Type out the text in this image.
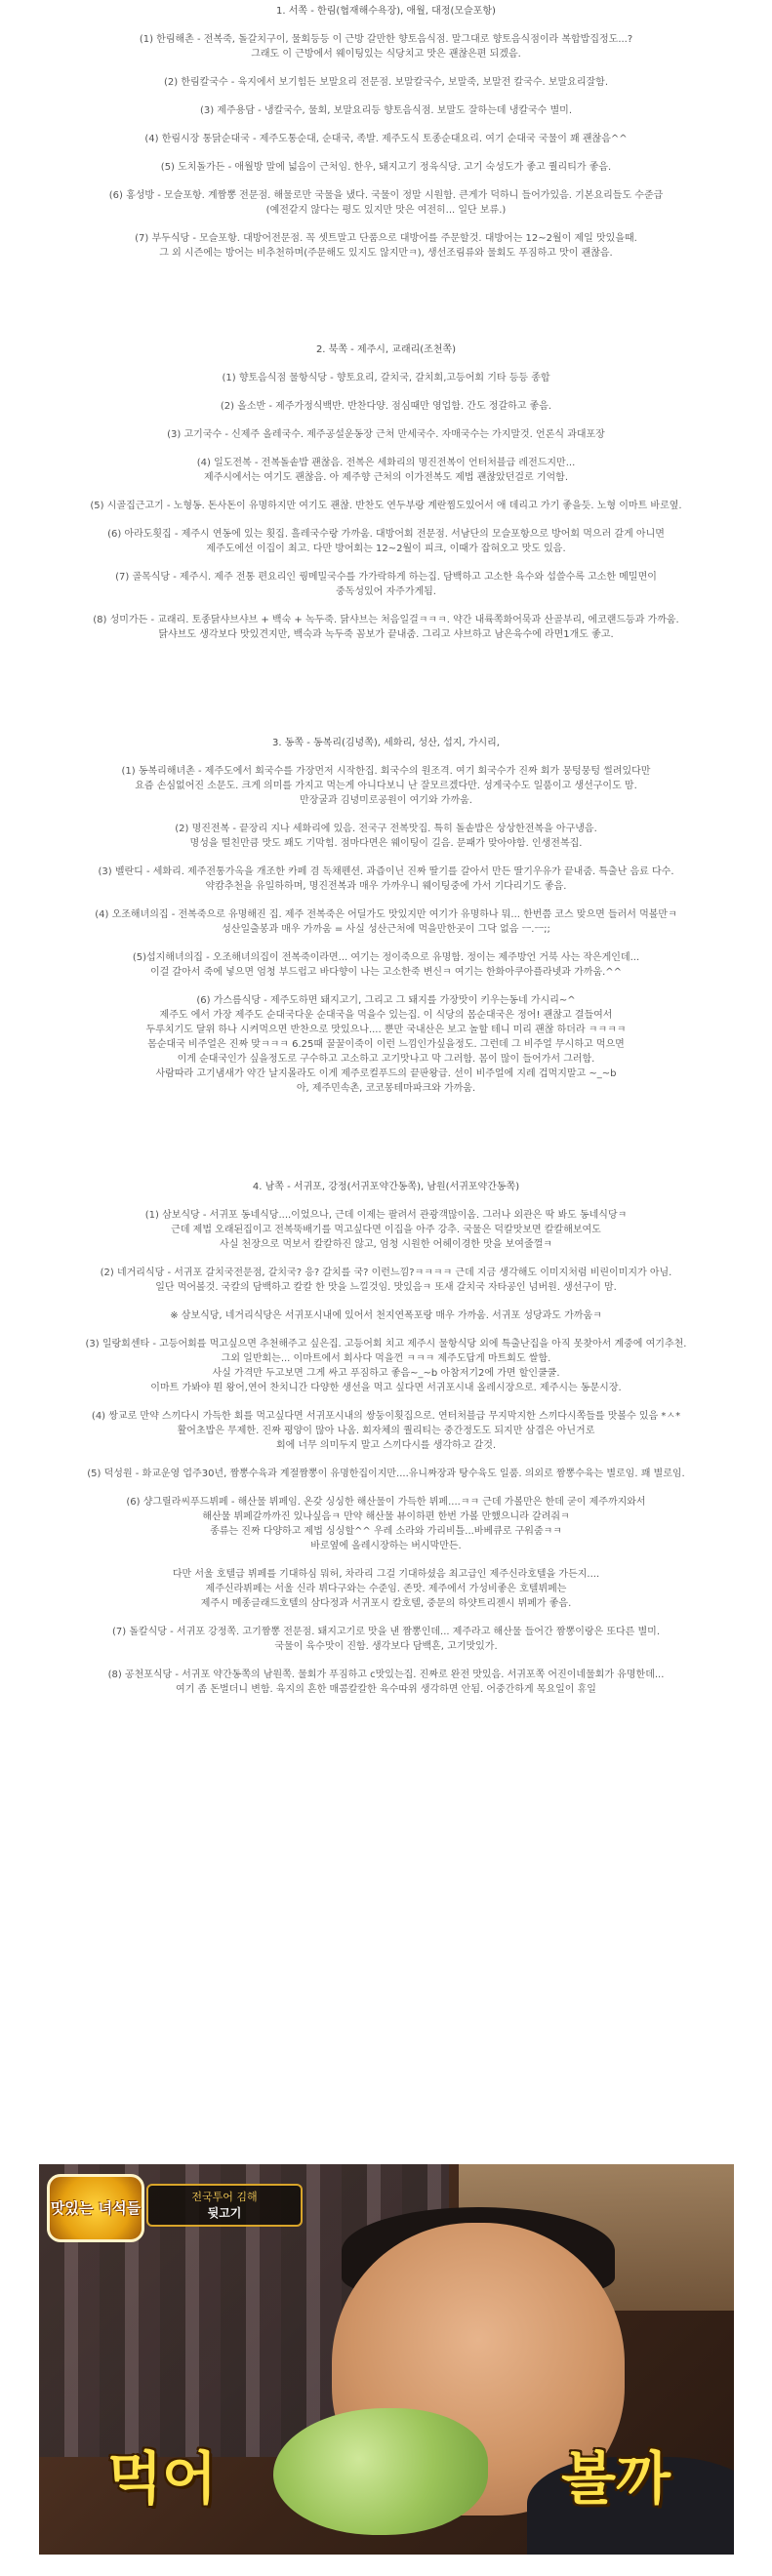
1. 서쪽 - 한림(협재해수욕장), 애월, 대정(모슬포항)

(1) 한림해촌 - 전복죽, 돌갈치구이, 물회등등 이 근방 갈만한 향토음식점. 말그대로 향토음식점이라 복합밥집정도...?
그래도 이 근방에서 웨이팅있는 식당치고 맛은 괜찮은편 되겠음.

(2) 한림칼국수 - 육지에서 보기힘든 보말요리 전문점. 보말칼국수, 보말죽, 보말전 칼국수. 보말요리잘함.

(3) 제주용담 - 냉칼국수, 물회, 보말요리등 향토음식점. 보말도 잘하는데 냉칼국수 별미.

(4) 한림시장 통닭순대국 - 제주도통순대, 순대국, 족발. 제주도식 토종순대요리. 여기 순대국 국물이 꽤 괜찮음^^

(5) 도치돌가든 - 애월방 말에 넓음이 근처임. 한우, 돼지고기 정육식당. 고기 숙성도가 좋고 퀄리티가 좋음.

(6) 홍성방 - 모슬포항. 계짬뽕 전문점. 해물로만 국물을 냈다. 국물이 정말 시원함. 큰게가 덕하니 들어가있음. 기본요리들도 수준급
(예전같지 않다는 평도 있지만 맛은 여전히... 일단 보류.)

(7) 부두식당 - 모슬포항. 대방어전문점. 꼭 셋트말고 단품으로 대방어를 주문할것. 대방어는 12~2월이 제일 맛있을때.
그 외 시즌에는 방어는 비추천하며(주문해도 있지도 않지만ㅋ), 생선조림류와 물회도 푸짐하고 맛이 괜찮음.

2. 북쪽 - 제주시, 교래리(조천쪽)

(1) 향토음식점 물항식당 - 향토요리, 갈치국, 갈치회,고등어회 기타 등등 종합

(2) 올소반 - 제주가정식백반. 반찬다양. 점심때만 영업함. 간도 정갈하고 좋음.

(3) 고기국수 - 신제주 올레국수. 제주공설운동장 근처 만세국수. 자매국수는 가지말것. 언론식 과대포장

(4) 일도전복 - 전복돌솥밥 괜찮음. 전복은 세화리의 명진전복이 언터처블급 레전드지만...
제주시에서는 여기도 괜찮음. 아 제주향 근처의 이가전복도 제법 괜찮았던걸로 기억함.

(5) 시골집근고기 - 노형동. 돈사돈이 유명하지만 여기도 괜찮. 반찬도 연두부랑 계란찜도있어서 애 데리고 가기 좋을듯. 노형 이마트 바로옆.

(6) 아라도횟집 - 제주시 연동에 있는 횟집. 흘레국수랑 가까움. 대방어회 전문점. 서남단의 모슬포항으로 방어회 먹으러 갈게 아니면
제주도에선 이집이 최고. 다만 방어회는 12~2월이 피크, 이때가 잡혀오고 맛도 있음.

(7) 골목식당 - 제주시. 제주 전통 편요리인 꿩메밀국수를 가가락하게 하는집. 담백하고 고소한 육수와 섭쓸수록 고소한 메밀면이
중독성있어 자주가게됨.

(8) 성미가든 - 교래리. 토종닭샤브샤브 + 백숙 + 녹두죽. 닭샤브는 처음일걸ㅋㅋㅋ. 약간 내륙쪽화어묵과 산골부리, 에코랜드등과 가까움.
닭샤브도 생각보다 맛있견지만, 백숙과 녹두죽 꼼보가 끝내줌. 그리고 샤브하고 남은육수에 라면1개도 좋고.

3. 동쪽 - 동복리(김녕쪽), 세화리, 성산, 섭지, 가시리,

(1) 동복리해녀촌 - 제주도에서 회국수를 가장먼저 시작한집. 회국수의 원조격. 여기 회국수가 진짜 회가 뭉텅뭉텅 썰려있다만
요즘 손심없어진 소문도. 크게 의미를 가지고 먹는게 아니다보니 난 잘모르겠다만. 성게국수도 일품이고 생선구이도 맘.
만장굴과 김녕미로공원이 여기와 가까움.

(2) 명진전복 - 끝장리 지나 세화리에 있음. 전국구 전복맛집. 특히 돌솥밥은 상상한전복을 아구냉음.
명성을 떨친만큼 맛도 꽤도 기막힘. 점마다면은 웨이팅이 길음. 문패가 맞아야함. 인생전복집.

(3) 벨란디 - 세화리. 제주전통가옥을 개조한 카페 겸 독채펜션. 과즙이닌 진짜 딸기를 갈아서 만든 딸기우유가 끝내줌. 특출난 음료 다수.
약캄추천을 유일하하며, 명진전복과 매우 가까우니 웨이팅중에 가서 기다리기도 좋음.

(4) 오조해녀의집 - 전복죽으로 유명해진 집. 제주 전복죽은 어딜가도 맛있지만 여기가 유명하나 뭐... 한번쯤 코스 맞으면 들러서 먹볼만ㅋ
성산일출봉과 매우 가까움 = 사실 성산근처에 먹을만한곳이 그닥 없음 ㅡ.ㅡ;;

(5)섭지해녀의집 - 오조해녀의집이 전복죽이라면... 여기는 정이죽으로 유명함. 정이는 제주방언 거북 사는 작은게인데...
이걸 갈아서 죽에 넣으면 엄청 부드럽고 바다향이 나는 고소한죽 변신ㅋ 여기는 한화아쿠아플라넷과 가까움.^^

(6) 가스름식당 - 제주도하면 돼지고기, 그리고 그 돼지를 가장맛이 키우는동네 가시리~^
제주도 에서 가장 제주도 순대국다운 순대국을 먹을수 있는집. 이 식당의 몸순대국은 정어! 괜찮고 결들여서
두루치기도 달위 하나 시켜먹으면 반찬으로 맛있으나.... 뿐만 국내산은 보고 놀할 테니 미리 괜찮 하더라 ㅋㅋㅋㅋ
몸순대국 비주얼은 진짜 맞ㅋㅋㅋ 6.25때 꿀꿀이죽이 이런 느낌인가싶을정도. 그런데 그 비주얼 무시하고 먹으면
이게 순대국인가 싶을정도로 구수하고 고소하고 고기맛나고 막 그러함. 몸이 많이 들어가서 그러함.
사람따라 고기냄새가 약간 날지몰라도 이게 제주로컬푸드의 끝판왕급. 선이 비주얼에 지레 겁먹지말고 ~_~b
아, 제주민속촌, 코코몽테마파크와 가까움.

4. 남쪽 - 서귀포, 강정(서귀포약간동쪽), 남원(서귀포약간동쪽)

(1) 삼보식당 - 서귀포 동네식당....이었으나, 근데 이제는 팔려서 관광객많이옴. 그러나 외관은 딱 봐도 동네식당ㅋ
근데 제법 오래된집이고 전복뚝배기를 먹고싶다면 이집을 아주 강추. 국물은 덕칼맛보면 칼칼해보여도
사실 천장으로 먹보서 칼칼하진 않고, 엄청 시원한 어헤이경한 맛을 보여줄껄ㅋ

(2) 네거리식당 - 서귀포 갈치국전문점, 갈치국? 응? 갈치를 국? 이런느낌?ㅋㅋㅋㅋ 근데 지금 생각해도 이미지처럼 비린이미지가 아님.
일단 먹어볼것. 국칼의 담백하고 칼칼 한 맛을 느낄것임. 맛있음ㅋ 또새 갈치국 자타공인 넘버원. 생선구이 맘.

※ 삼보식당, 네거리식당은 서귀포시내에 있어서 천지연폭포랑 매우 가까움. 서귀포 성당과도 가까움ㅋ

(3) 일랑회센타 - 고등어회를 먹고싶으면 추천해주고 싶은집. 고등어회 치고 제주시 물항식당 외에 특출난집을 아직 못찾아서 계중에 여기추천.
그외 일반회는... 이마트에서 회사다 먹을껀 ㅋㅋㅋ 제주도답게 마트회도 쌀함.
사실 가격만 두고보면 그게 싸고 푸짐하고 좋음~_~b 아참저기2에 가면 할인쿨쿨.
이마트 가봐야 뭔 왕어,연어 찬치니간 다양한 생선을 먹고 싶다면 서귀포시내 올레시장으로. 제주시는 동문시장.

(4) 쌍교로 만약 스끼다시 가득한 회를 먹고싶다면 서귀포시내의 쌍둥이횟집으로. 연터처블급 무지막지한 스끼다시쪽들를 맛볼수 있음 *ㅅ*
활어초밥은 무제한. 진짜 평양이 많아 나옴. 회자체의 퀄리티는 중간정도도 되지만 삼겹은 아닌거로
회에 너무 의미두지 말고 스끼다시를 생각하고 갈것.

(5) 덕성원 - 화교운영 업주30년, 짬뽕수육과 계절짬뽕이 유명한집이지만....유니짜장과 탕수육도 일품. 의외로 짬뽕수육는 별로임. 꽤 별로임.

(6) 샹그릴라씨푸드뷔페 - 해산물 뷔페임. 온갖 싱싱한 해산물이 가득한 뷔페....ㅋㅋ 근데 가볼만은 한데 굳이 제주까지와서
해산물 뷔페갈까까진 있나싶음ㅋ 만약 해산물 뷰이하편 한번 가볼 만했으니라 갈려줘ㅋ
종류는 진짜 다양하고 제법 싱싱할^^ 우레 소라와 가리비틀...바베큐로 구워줌ㅋㅋ
바로옆에 올레시장하는 버시막만든.

다만 서울 호텔급 뷔페를 기대하심 뭐허, 차라리 그걸 기대하셨음 최고급인 제주신라호텔을 가든지....
제주신라뷔페는 서울 신라 뷔다구와는 수준임. 존맛. 제주에서 가성비좋은 호텔뷔페는
제주시 메종글래드호텔의 삼다정과 서귀포시 칼호텔, 중문의 하얏트리젠시 뷔페가 좋음.

(7) 돌칼식당 - 서귀포 강정쪽. 고기짬뽕 전문점. 돼지고기로 맛을 낸 짬뽕인데... 제주라고 해산물 들어간 짬뽕이랑은 또다른 별미.
국물이 육수맛이 진함. 생각보다 담백흔, 고기맛있가.

(8) 공천포식당 - 서귀포 약간동쪽의 남원쪽. 물회가 푸짐하고 c맛있는집. 진짜로 완전 맛있음. 서귀포쪽 어진이네물회가 유명한데...
여기 좀 돈벌더니 변함. 육지의 흔한 매콤칼칼한 육수따위 생각하면 안됨. 어중간하게 목요일이 휴일

맛있는 녀석들
전국투어 김해
뒷고기
먹어	볼까
